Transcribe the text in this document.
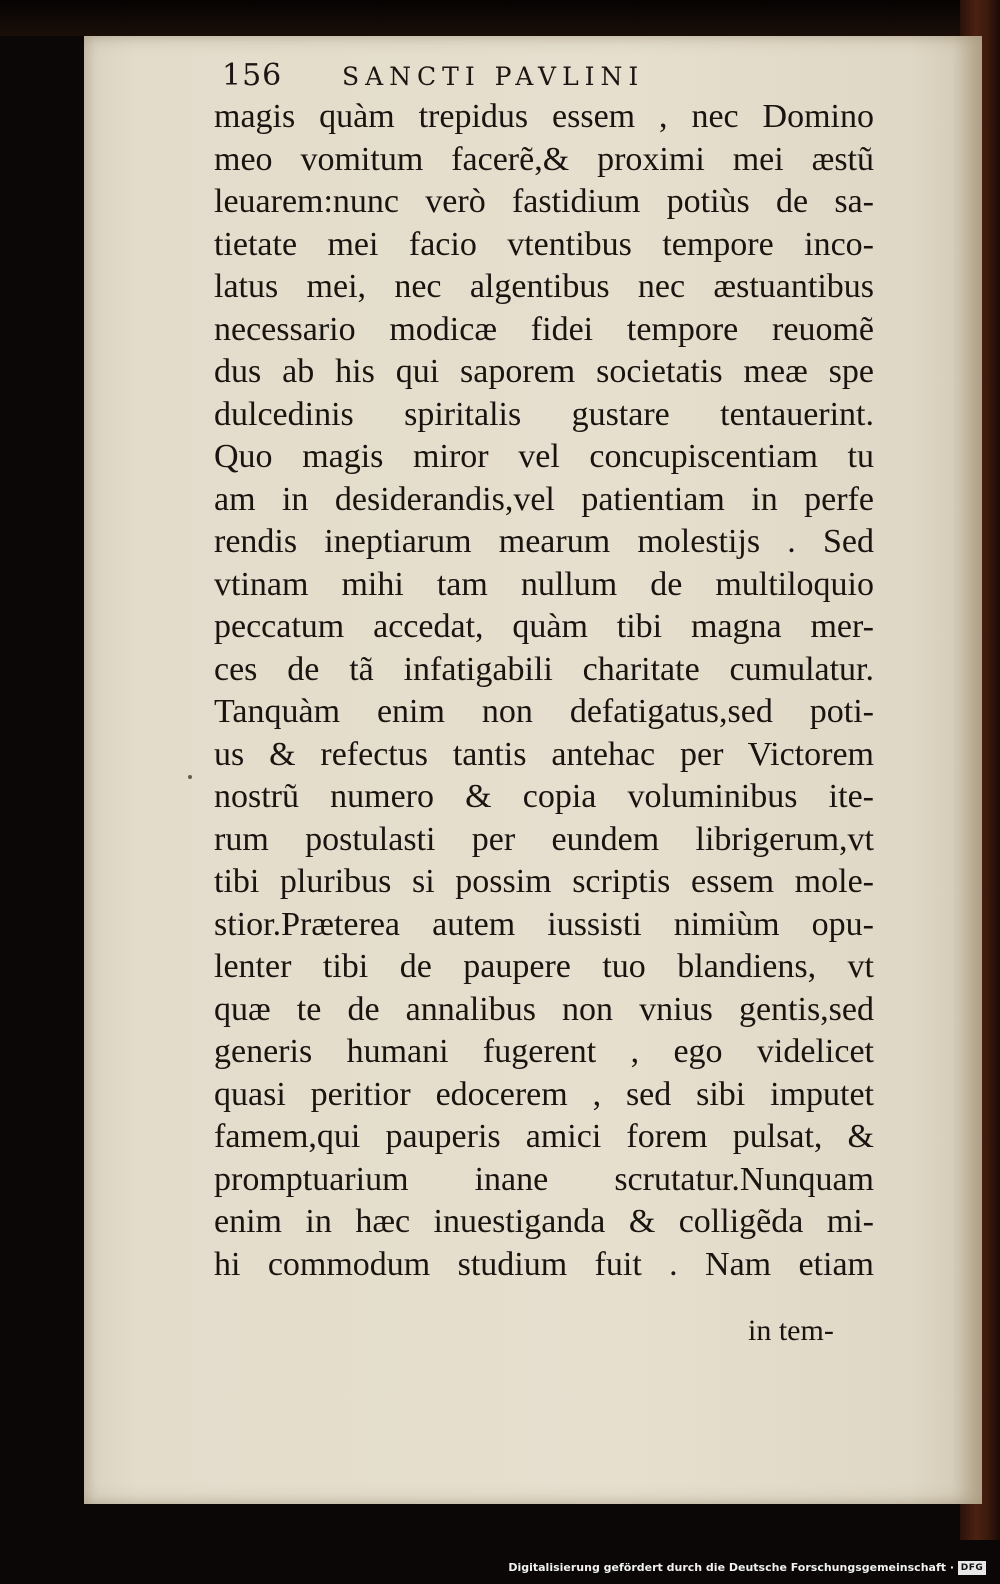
156 SANCTI PAVLINI
magis quàm trepidus essem , nec Domino
meo vomitum facerẽ,& proximi mei æstũ
leuarem:nunc verò fastidium potiùs de sa-
tietate mei facio vtentibus tempore inco-
latus mei, nec algentibus nec æstuantibus
necessario modicæ fidei tempore reuomẽ
dus ab his qui saporem societatis meæ spe
dulcedinis spiritalis gustare tentauerint.
Quo magis miror vel concupiscentiam tu
am in desiderandis,vel patientiam in perfe
rendis ineptiarum mearum molestijs . Sed
vtinam mihi tam nullum de multiloquio
peccatum accedat, quàm tibi magna mer-
ces de tã infatigabili charitate cumulatur.
Tanquàm enim non defatigatus,sed poti-
us & refectus tantis antehac per Victorem
nostrũ numero & copia voluminibus ite-
rum postulasti per eundem librigerum,vt
tibi pluribus si possim scriptis essem mole-
stior.Præterea autem iussisti nimiùm opu-
lenter tibi de paupere tuo blandiens, vt
quæ te de annalibus non vnius gentis,sed
generis humani fugerent , ego videlicet
quasi peritior edocerem , sed sibi imputet
famem,qui pauperis amici forem pulsat, &
promptuarium inane scrutatur.Nunquam
enim in hæc inuestiganda & colligẽda mi-
hi commodum studium fuit . Nam etiam
in tem-
Digitalisierung gefördert durch die Deutsche Forschungsgemeinschaft · DFG
